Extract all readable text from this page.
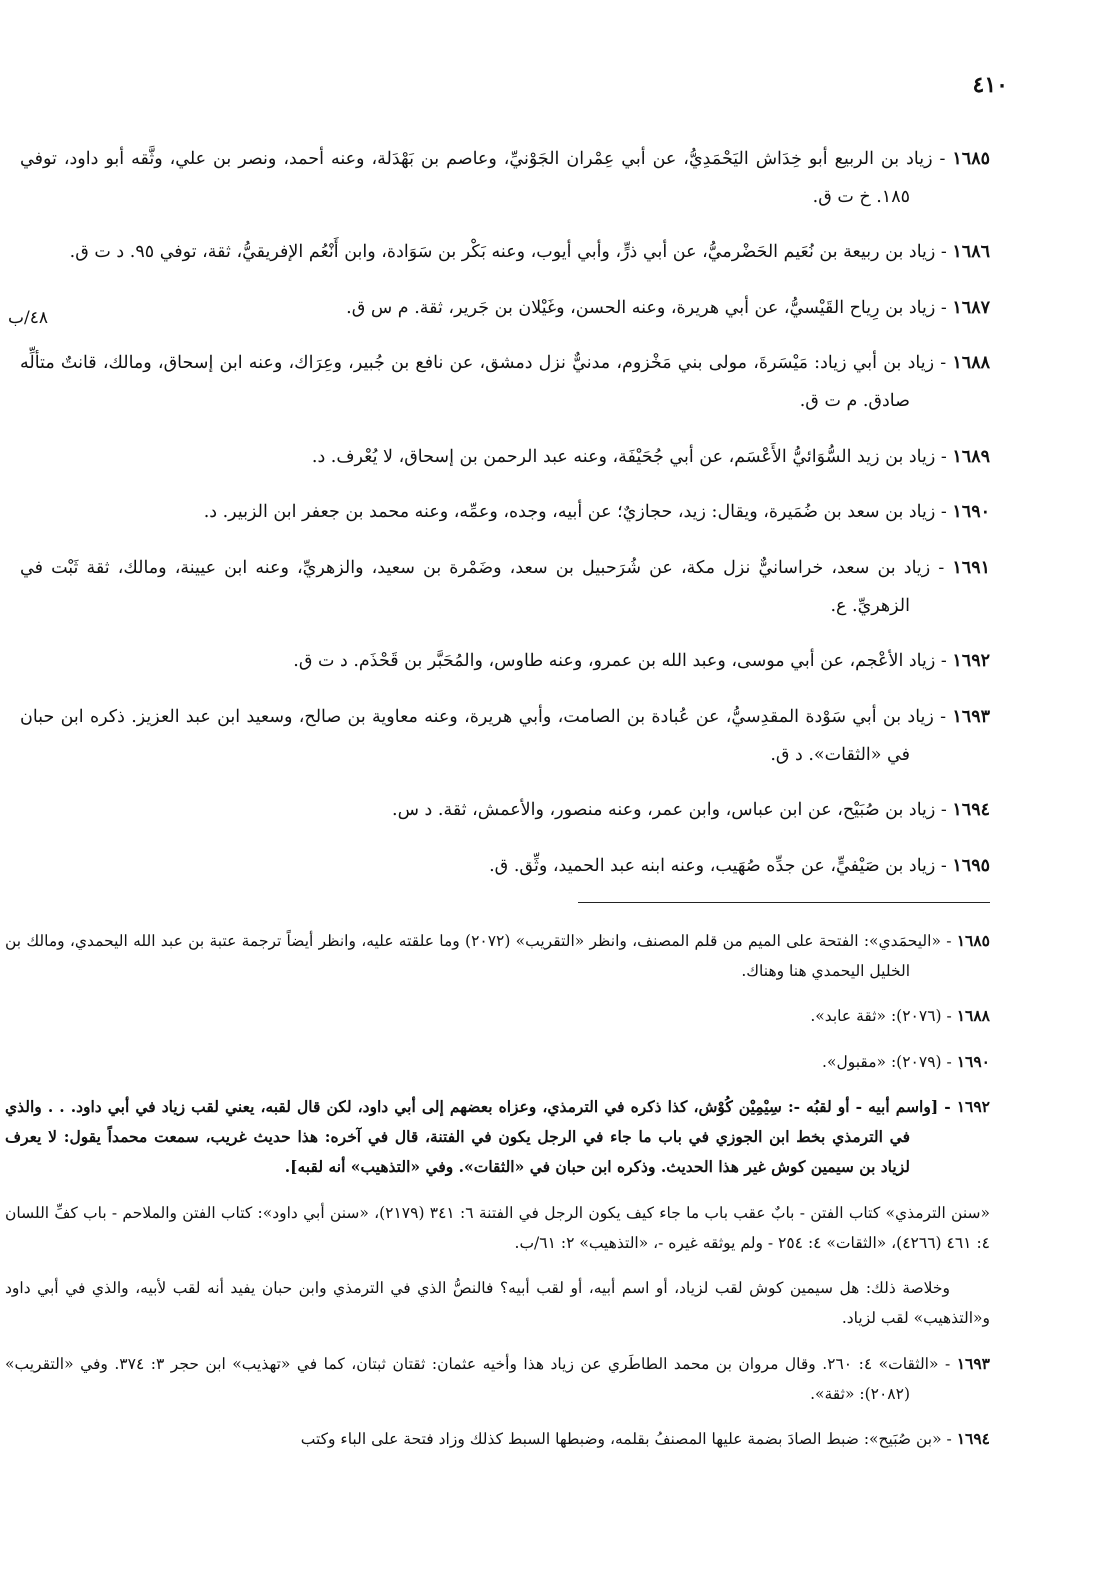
٤١٠
٤٨/ب

١٦٨٥ - زياد بن الربيع أبو خِدَاش اليَحْمَدِيُّ، عن أبي عِمْران الجَوْنيِّ، وعاصم بن بَهْدَلة، وعنه أحمد، ونصر بن علي، وثَّقه أبو داود، توفي ١٨٥. خ ت ق.

١٦٨٦ - زياد بن ربيعة بن نُعَيم الحَضْرميُّ، عن أبي ذرٍّ، وأبي أيوب، وعنه بَكْر بن سَوَادة، وابن أَنْعُم الإفريقيُّ، ثقة، توفي ٩٥. د ت ق.

١٦٨٧ - زياد بن رِياح القَيْسيُّ، عن أبي هريرة، وعنه الحسن، وغَيْلان بن جَرير، ثقة. م س ق.

١٦٨٨ - زياد بن أبي زياد: مَيْسَرةَ، مولى بني مَخْزوم، مدنيٌّ نزل دمشق، عن نافع بن جُبير، وعِرَاك، وعنه ابن إسحاق، ومالك، قانتٌ متألِّه صادق. م ت ق.

١٦٨٩ - زياد بن زيد السُّوَائيُّ الأَعْسَم، عن أبي جُحَيْفَة، وعنه عبد الرحمن بن إسحاق، لا يُعْرف. د.

١٦٩٠ - زياد بن سعد بن ضُمَيرة، ويقال: زيد، حجازيٌ؛ عن أبيه، وجده، وعمِّه، وعنه محمد بن جعفر ابن الزبير. د.

١٦٩١ - زياد بن سعد، خراسانيٌّ نزل مكة، عن شُرَحبيل بن سعد، وضَمْرة بن سعيد، والزهريِّ، وعنه ابن عيينة، ومالك، ثقة ثَبْت في الزهريِّ. ع.

١٦٩٢ - زياد الأعْجم، عن أبي موسى، وعبد الله بن عمرو، وعنه طاوس، والمُحَبَّر بن قَحْذَم. د ت ق.

١٦٩٣ - زياد بن أبي سَوْدة المقدِسيُّ، عن عُبادة بن الصامت، وأبي هريرة، وعنه معاوية بن صالح، وسعيد ابن عبد العزيز. ذكره ابن حبان في «الثقات». د ق.

١٦٩٤ - زياد بن صُبَيْح، عن ابن عباس، وابن عمر، وعنه منصور، والأعمش، ثقة. د س.

١٦٩٥ - زياد بن صَيْفيٍّ، عن جدِّه صُهَيب، وعنه ابنه عبد الحميد، وثِّق. ق.

١٦٨٥ - «اليحمَدي»: الفتحة على الميم من قلم المصنف، وانظر «التقريب» (٢٠٧٢) وما علقته عليه، وانظر أيضاً ترجمة عتبة بن عبد الله اليحمدي، ومالك بن الخليل اليحمدي هنا وهناك.

١٦٨٨ - (٢٠٧٦): «ثقة عابد».

١٦٩٠ - (٢٠٧٩): «مقبول».

١٦٩٢ - [واسم أبيه - أو لقبُه -: سِيْمِيْن كُوْش، كذا ذكره في الترمذي، وعزاه بعضهم إلى أبي داود، لكن قال لقبه، يعني لقب زياد في أبي داود. . . والذي في الترمذي بخط ابن الجوزي في باب ما جاء في الرجل يكون في الفتنة، قال في آخره: هذا حديث غريب، سمعت محمداً يقول: لا يعرف لزياد بن سيمين كوش غير هذا الحديث. وذكره ابن حبان في «الثقات». وفي «التذهيب» أنه لقبه].

«سنن الترمذي» كتاب الفتن - بابٌ عقب باب ما جاء كيف يكون الرجل في الفتنة ٦: ٣٤١ (٢١٧٩)، «سنن أبي داود»: كتاب الفتن والملاحم - باب كفِّ اللسان ٤: ٤٦١ (٤٢٦٦)، «الثقات» ٤: ٢٥٤ - ولم يوثقه غيره -، «التذهيب» ٢: ٦١/ب.

وخلاصة ذلك: هل سيمين كوش لقب لزياد، أو اسم أبيه، أو لقب أبيه؟ فالنصُّ الذي في الترمذي وابن حبان يفيد أنه لقب لأبيه، والذي في أبي داود و«التذهيب» لقب لزياد.

١٦٩٣ - «الثقات» ٤: ٢٦٠. وقال مروان بن محمد الطاطَري عن زياد هذا وأخيه عثمان: ثقتان ثبتان، كما في «تهذيب» ابن حجر ٣: ٣٧٤. وفي «التقريب» (٢٠٨٢): «ثقة».

١٦٩٤ - «بن صُبَيح»: ضبط الصادَ بضمة عليها المصنفُ بقلمه، وضبطها السبط كذلك وزاد فتحة على الباء وكتب
